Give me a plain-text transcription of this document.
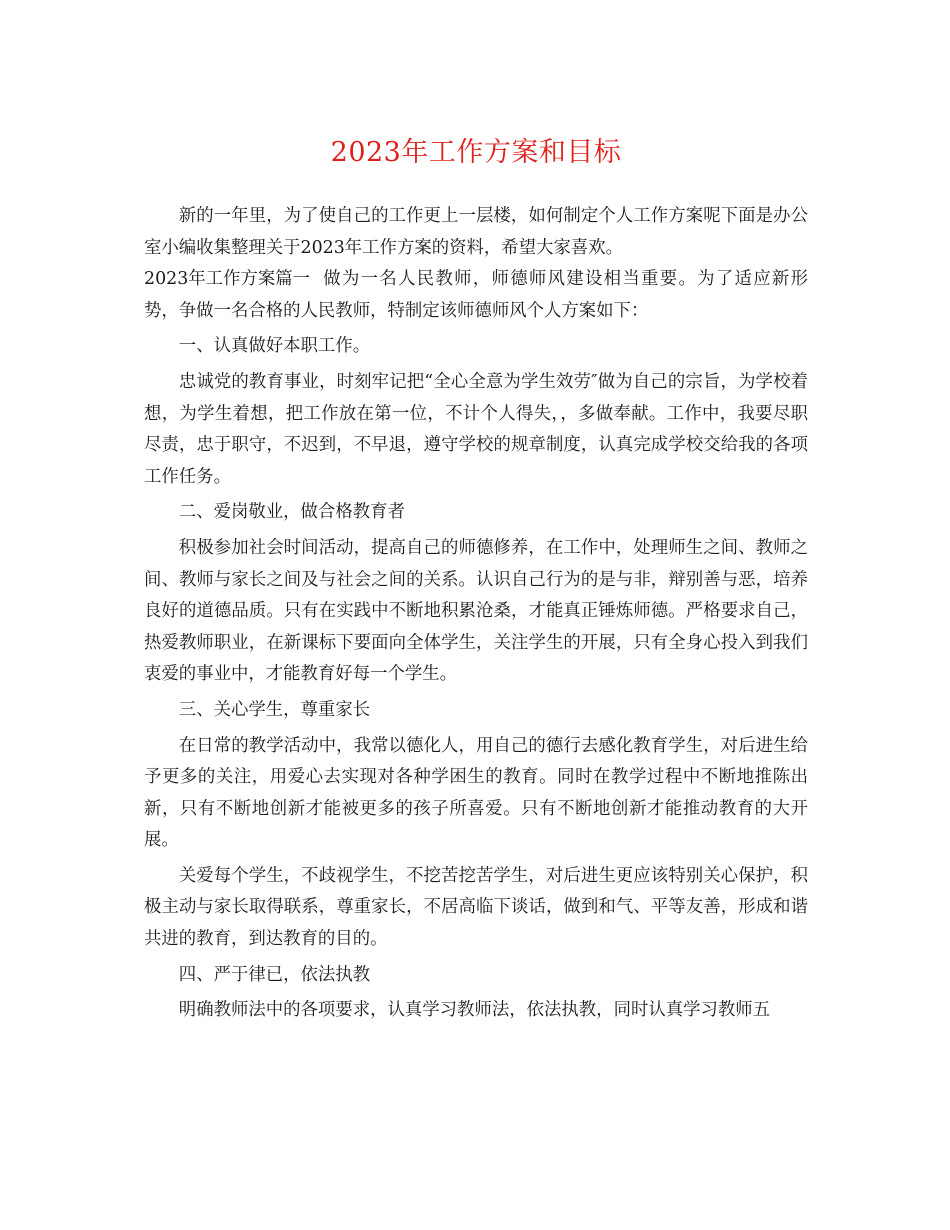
2023年工作方案和目标

新的一年里，为了使自己的工作更上一层楼，如何制定个人工作方案呢下面是办公室小编收集整理关于2023年工作方案的资料，希望大家喜欢。

2023年工作方案篇一 做为一名人民教师，师德师风建设相当重要。为了适应新形势，争做一名合格的人民教师，特制定该师德师风个人方案如下：

一、认真做好本职工作。

忠诚党的教育事业，时刻牢记把“全心全意为学生效劳″做为自己的宗旨，为学校着想，为学生着想，把工作放在第一位，不计个人得失，，多做奉献。工作中，我要尽职尽责，忠于职守，不迟到，不早退，遵守学校的规章制度，认真完成学校交给我的各项工作任务。

二、爱岗敬业，做合格教育者

积极参加社会时间活动，提高自己的师德修养，在工作中，处理师生之间、教师之间、教师与家长之间及与社会之间的关系。认识自己行为的是与非，辩别善与恶，培养良好的道德品质。只有在实践中不断地积累沧桑，才能真正锤炼师德。严格要求自己，热爱教师职业，在新课标下要面向全体学生，关注学生的开展，只有全身心投入到我们衷爱的事业中，才能教育好每一个学生。

三、关心学生，尊重家长

在日常的教学活动中，我常以德化人，用自己的德行去感化教育学生，对后进生给予更多的关注，用爱心去实现对各种学困生的教育。同时在教学过程中不断地推陈出新，只有不断地创新才能被更多的孩子所喜爱。只有不断地创新才能推动教育的大开展。

关爱每个学生，不歧视学生，不挖苦挖苦学生，对后进生更应该特别关心保护，积极主动与家长取得联系，尊重家长，不居高临下谈话，做到和气、平等友善，形成和谐共进的教育，到达教育的目的。

四、严于律已，依法执教

明确教师法中的各项要求，认真学习教师法，依法执教，同时认真学习教师五
